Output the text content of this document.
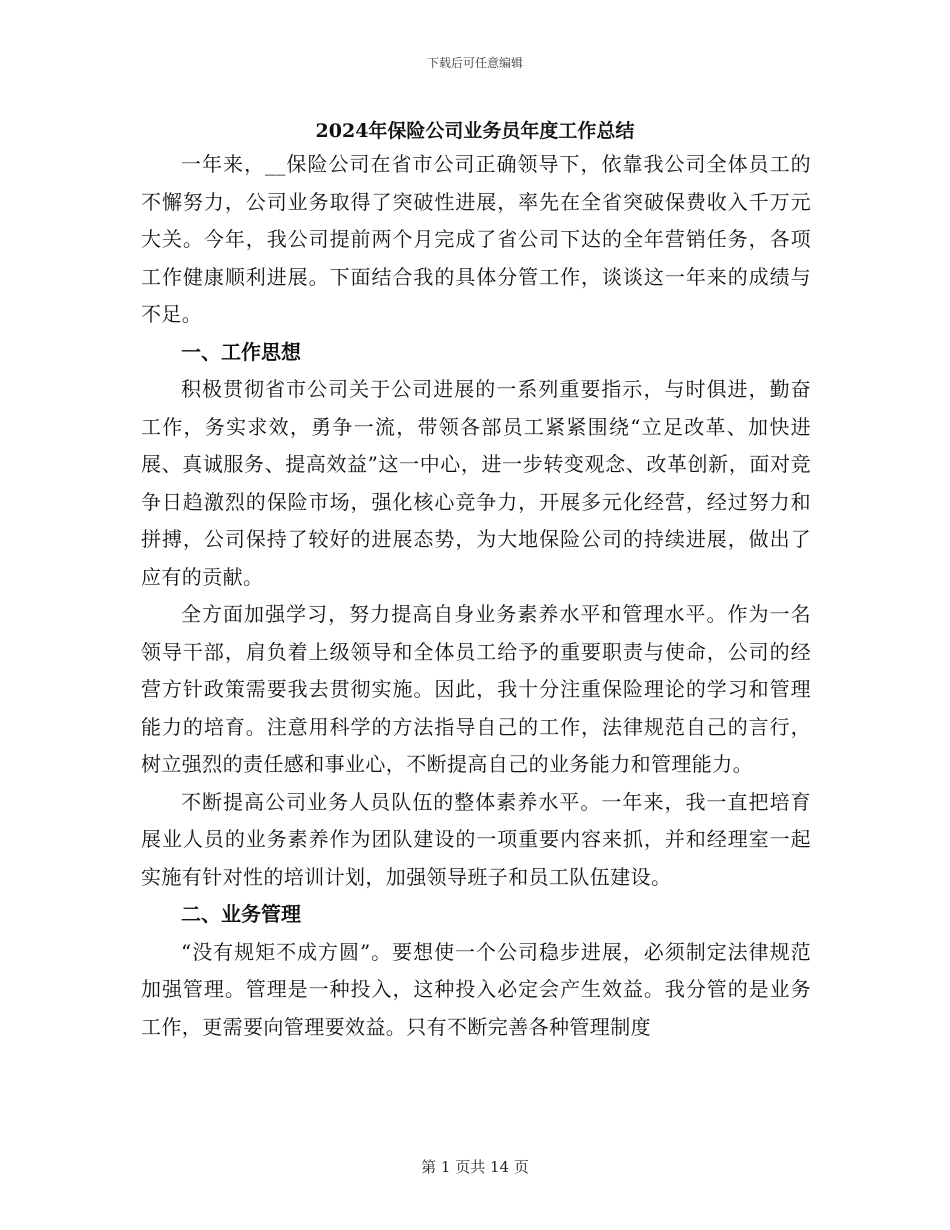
下载后可任意编辑
2024年保险公司业务员年度工作总结

一年来，__保险公司在省市公司正确领导下，依靠我公司全体员工的不懈努力，公司业务取得了突破性进展，率先在全省突破保费收入千万元大关。今年，我公司提前两个月完成了省公司下达的全年营销任务，各项工作健康顺利进展。下面结合我的具体分管工作，谈谈这一年来的成绩与不足。

一、工作思想

积极贯彻省市公司关于公司进展的一系列重要指示，与时俱进，勤奋工作，务实求效，勇争一流，带领各部员工紧紧围绕“立足改革、加快进展、真诚服务、提高效益”这一中心，进一步转变观念、改革创新，面对竞争日趋激烈的保险市场，强化核心竞争力，开展多元化经营，经过努力和拼搏，公司保持了较好的进展态势，为大地保险公司的持续进展，做出了应有的贡献。

全方面加强学习，努力提高自身业务素养水平和管理水平。作为一名领导干部，肩负着上级领导和全体员工给予的重要职责与使命，公司的经营方针政策需要我去贯彻实施。因此，我十分注重保险理论的学习和管理能力的培育。注意用科学的方法指导自己的工作，法律规范自己的言行，树立强烈的责任感和事业心，不断提高自己的业务能力和管理能力。

不断提高公司业务人员队伍的整体素养水平。一年来，我一直把培育展业人员的业务素养作为团队建设的一项重要内容来抓，并和经理室一起实施有针对性的培训计划，加强领导班子和员工队伍建设。

二、业务管理

“没有规矩不成方圆”。要想使一个公司稳步进展，必须制定法律规范加强管理。管理是一种投入，这种投入必定会产生效益。我分管的是业务工作，更需要向管理要效益。只有不断完善各种管理制度

第 1 页共 14 页
